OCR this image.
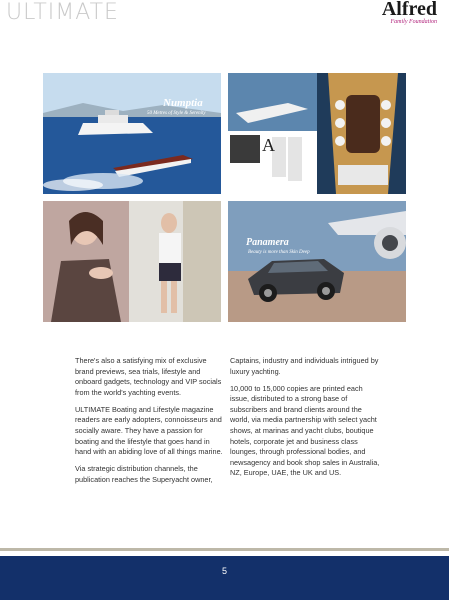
ULTIMATE	Alfred
Family Foundation
Numptia
50 Metres of Style & Serenity
A
Panamera
Beauty is more than Skin Deep

There's also a satisfying mix of exclusive brand previews, sea trials, lifestyle and onboard gadgets, technology and VIP socials from the world's yachting events.

ULTIMATE Boating and Lifestyle magazine readers are early adopters, connoisseurs and socially aware. They have a passion for boating and the lifestyle that goes hand in hand with an abiding love of all things marine.

Via strategic distribution channels, the publication reaches the Superyacht owner,

Captains, industry and individuals intrigued by luxury yachting.

10,000 to 15,000 copies are printed each issue, distributed to a strong base of subscribers and brand clients around the world, via media partnership with select yacht shows, at marinas and yacht clubs, boutique hotels, corporate jet and business class lounges, through professional bodies, and newsagency and book shop sales in Australia, NZ, Europe, UAE, the UK and US.

5
